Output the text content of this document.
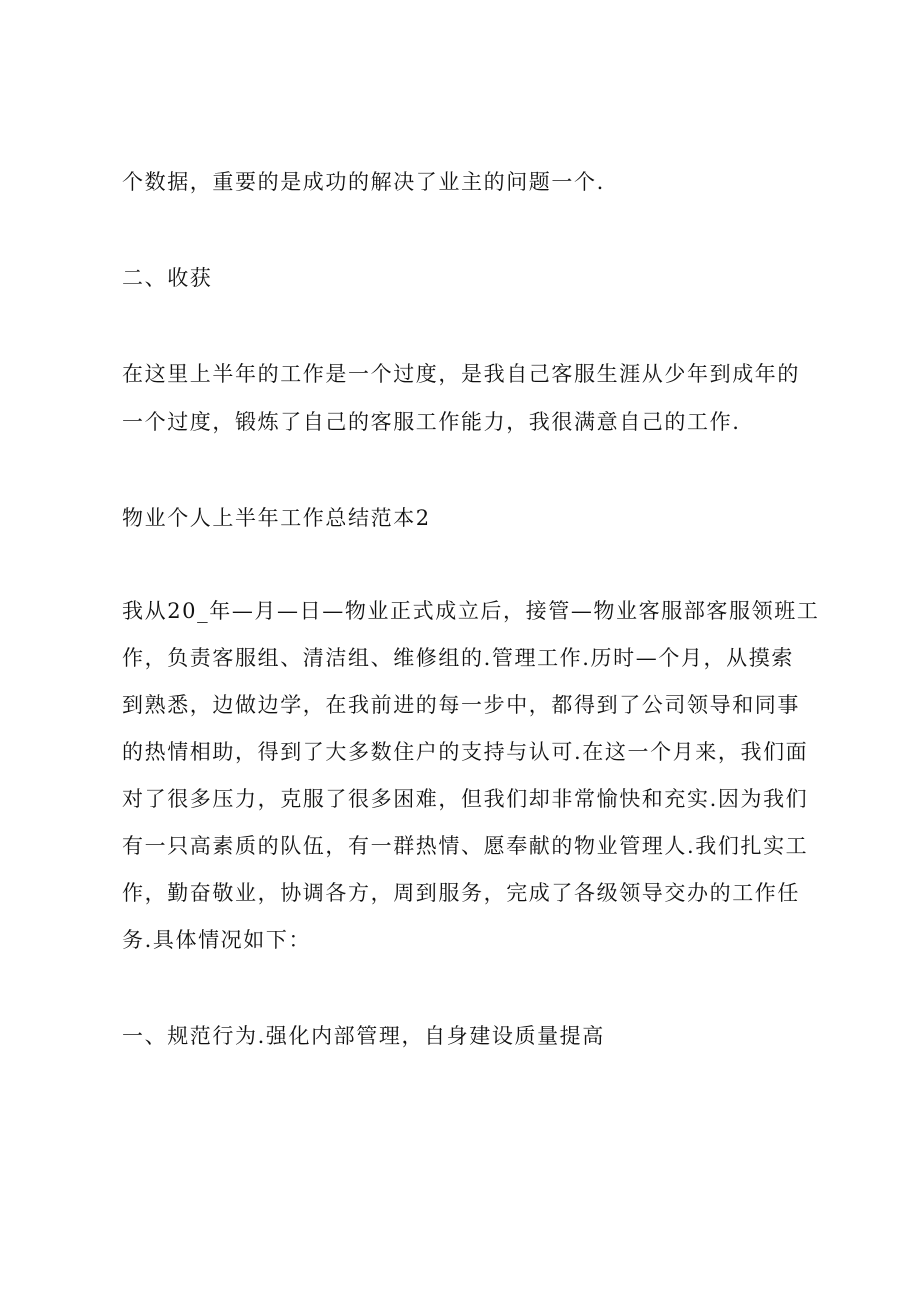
个数据，重要的是成功的解决了业主的问题一个.
二、收获
在这里上半年的工作是一个过度，是我自己客服生涯从少年到成年的
一个过度，锻炼了自己的客服工作能力，我很满意自己的工作.
物业个人上半年工作总结范本2
我从20_年—月—日—物业正式成立后，接管—物业客服部客服领班工
作，负责客服组、清洁组、维修组的.管理工作.历时—个月，从摸索
到熟悉，边做边学，在我前进的每一步中，都得到了公司领导和同事
的热情相助，得到了大多数住户的支持与认可.在这一个月来，我们面
对了很多压力，克服了很多困难，但我们却非常愉快和充实.因为我们
有一只高素质的队伍，有一群热情、愿奉献的物业管理人.我们扎实工
作，勤奋敬业，协调各方，周到服务，完成了各级领导交办的工作任
务.具体情况如下：
一、规范行为.强化内部管理，自身建设质量提高
